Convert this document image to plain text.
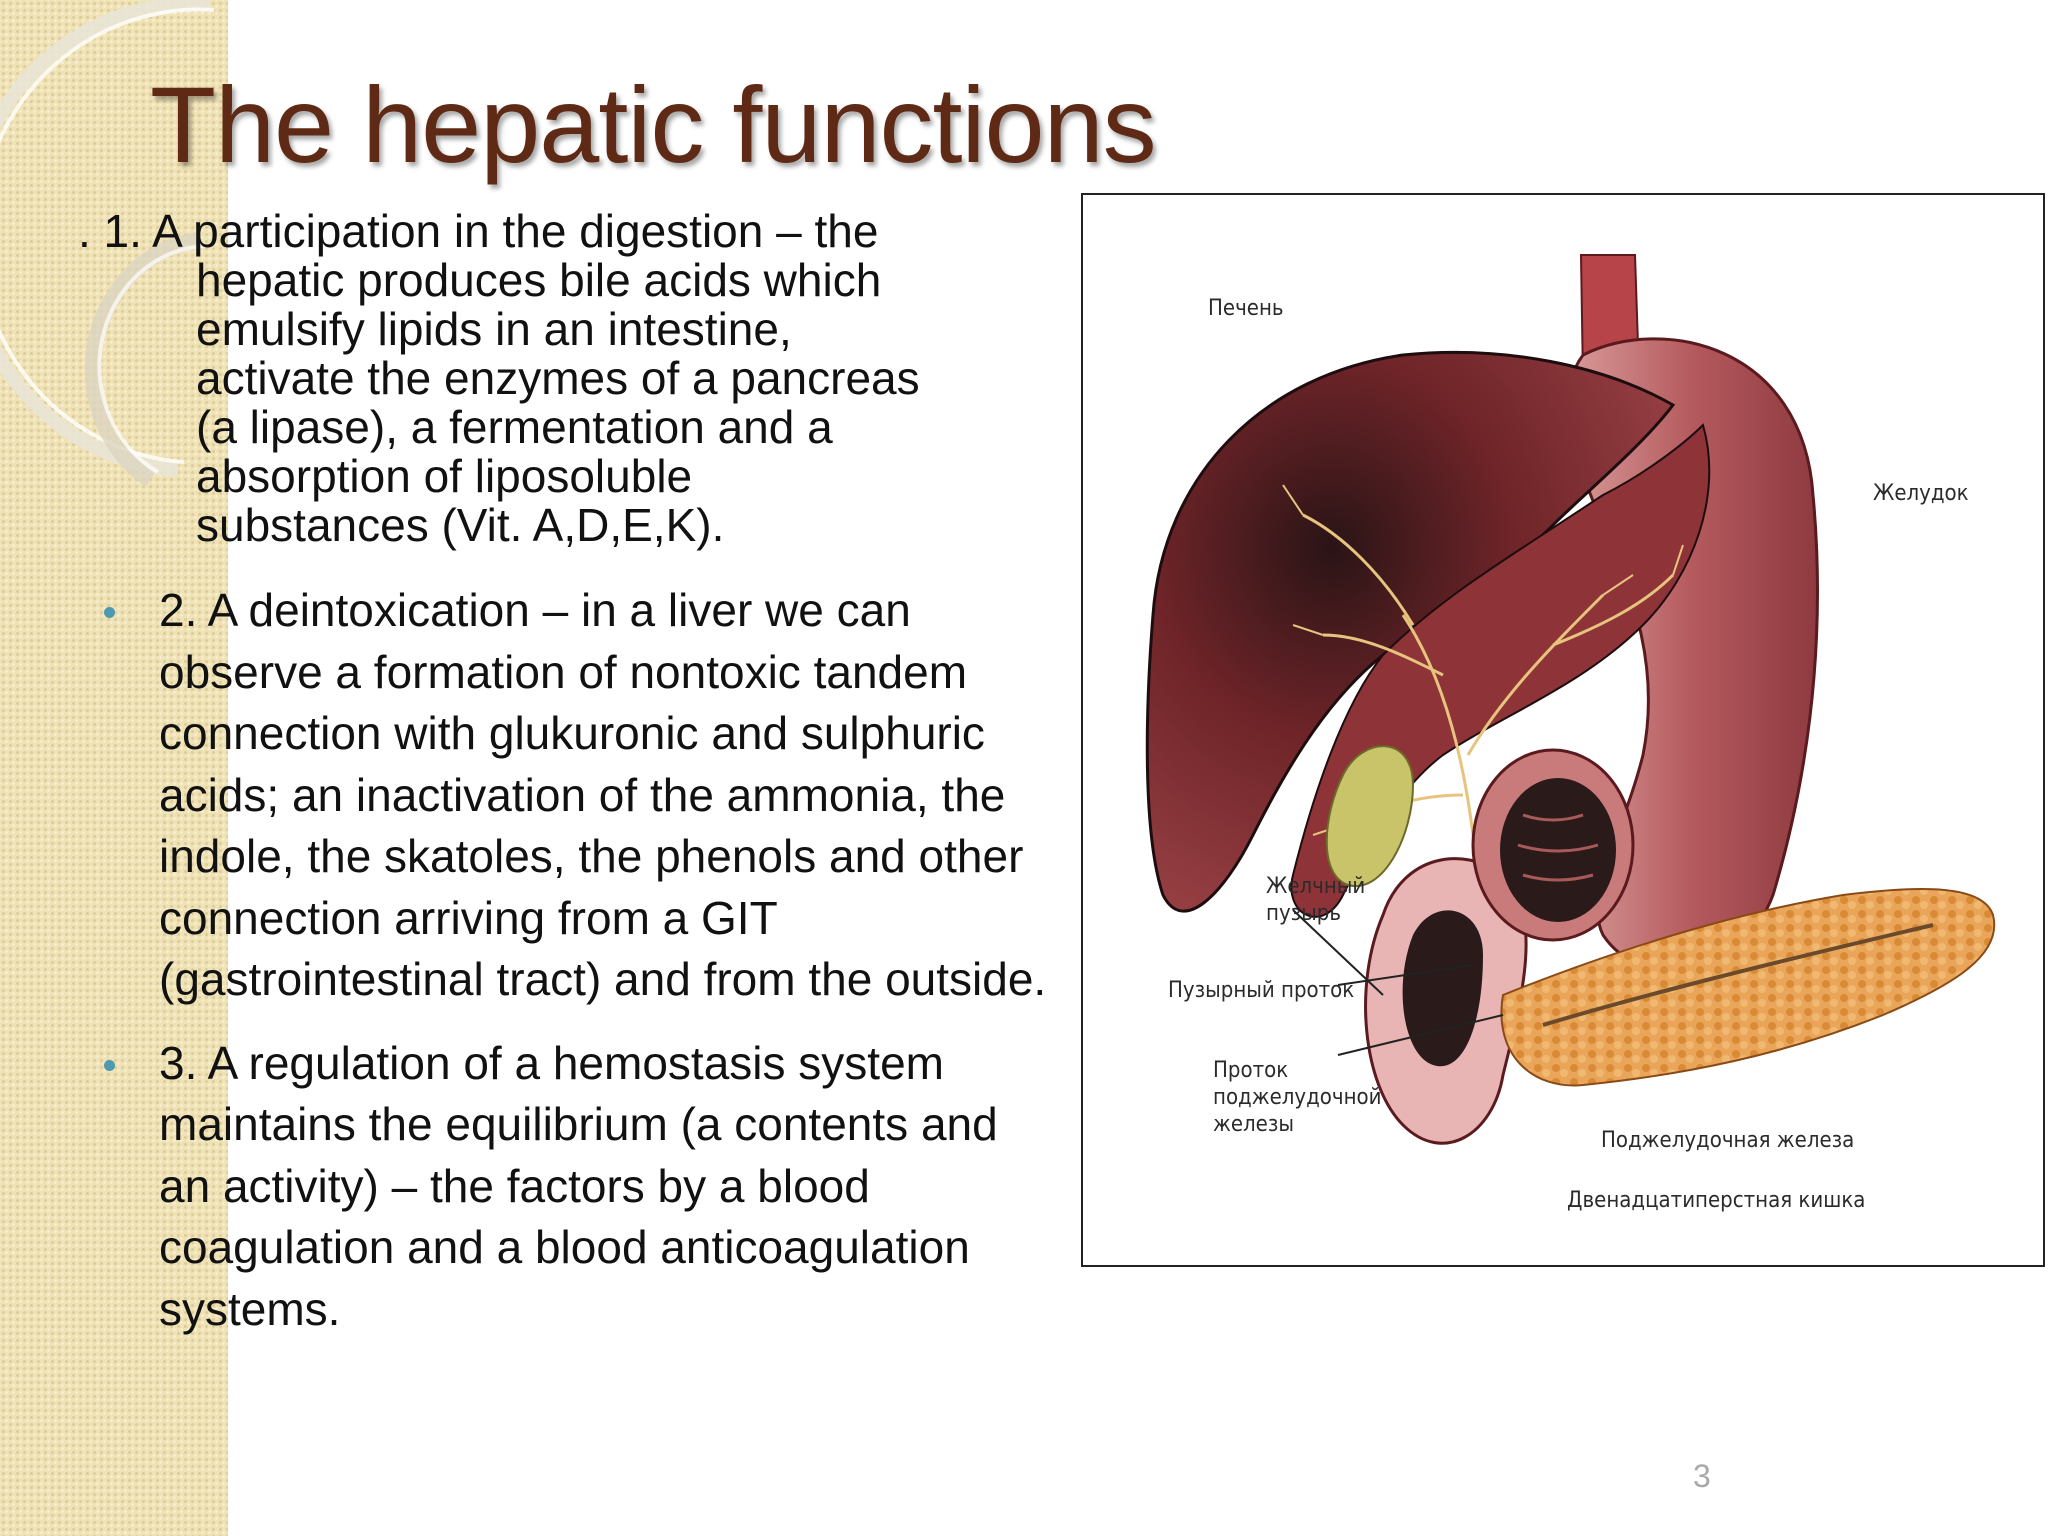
The hepatic functions
. 1. A participation in the digestion – the
hepatic produces bile acids which
emulsify lipids in an intestine,
activate the enzymes of a pancreas
(a lipase), a fermentation and a
absorption of liposoluble
substances (Vit. A,D,E,K).
2. A deintoxication – in a liver we can observe a formation of nontoxic tandem connection with glukuronic and sulphuric acids; an inactivation of the ammonia, the indole, the skatoles, the phenols and other connection arriving from a GIT (gastrointestinal tract) and from the outside.
3. A regulation of a hemostasis system maintains the equilibrium (a contents and an activity) – the factors by a blood coagulation and a blood anticoagulation systems.
Печень
Желудок
Желчный
пузырь
Пузырный проток
Проток
поджелудочной
железы
Поджелудочная железа
Двенадцатиперстная кишка
3
